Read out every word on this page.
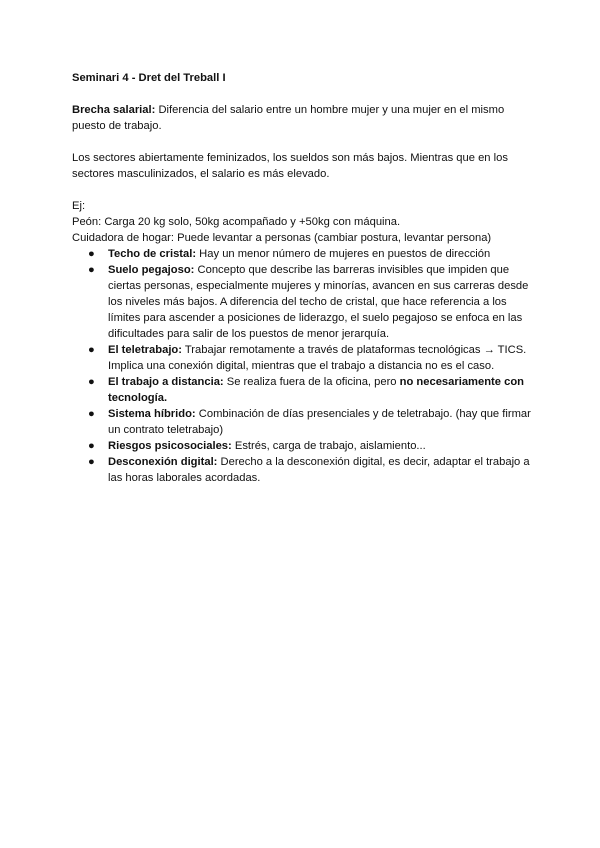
Seminari 4 - Dret del Treball I

Brecha salarial: Diferencia del salario entre un hombre mujer y una mujer en el mismo puesto de trabajo.

Los sectores abiertamente feminizados, los sueldos son más bajos. Mientras que en los sectores masculinizados, el salario es más elevado.

Ej:
Peón: Carga 20 kg solo, 50kg acompañado y +50kg con máquina.
Cuidadora de hogar: Puede levantar a personas (cambiar postura, levantar persona)
● Techo de cristal: Hay un menor número de mujeres en puestos de dirección
● Suelo pegajoso: Concepto que describe las barreras invisibles que impiden que ciertas personas, especialmente mujeres y minorías, avancen en sus carreras desde los niveles más bajos. A diferencia del techo de cristal, que hace referencia a los límites para ascender a posiciones de liderazgo, el suelo pegajoso se enfoca en las dificultades para salir de los puestos de menor jerarquía.
● El teletrabajo: Trabajar remotamente a través de plataformas tecnológicas → TICS. Implica una conexión digital, mientras que el trabajo a distancia no es el caso.
● El trabajo a distancia: Se realiza fuera de la oficina, pero no necesariamente con tecnología.
● Sistema híbrido: Combinación de días presenciales y de teletrabajo. (hay que firmar un contrato teletrabajo)
● Riesgos psicosociales: Estrés, carga de trabajo, aislamiento...
● Desconexión digital: Derecho a la desconexión digital, es decir, adaptar el trabajo a las horas laborales acordadas.
